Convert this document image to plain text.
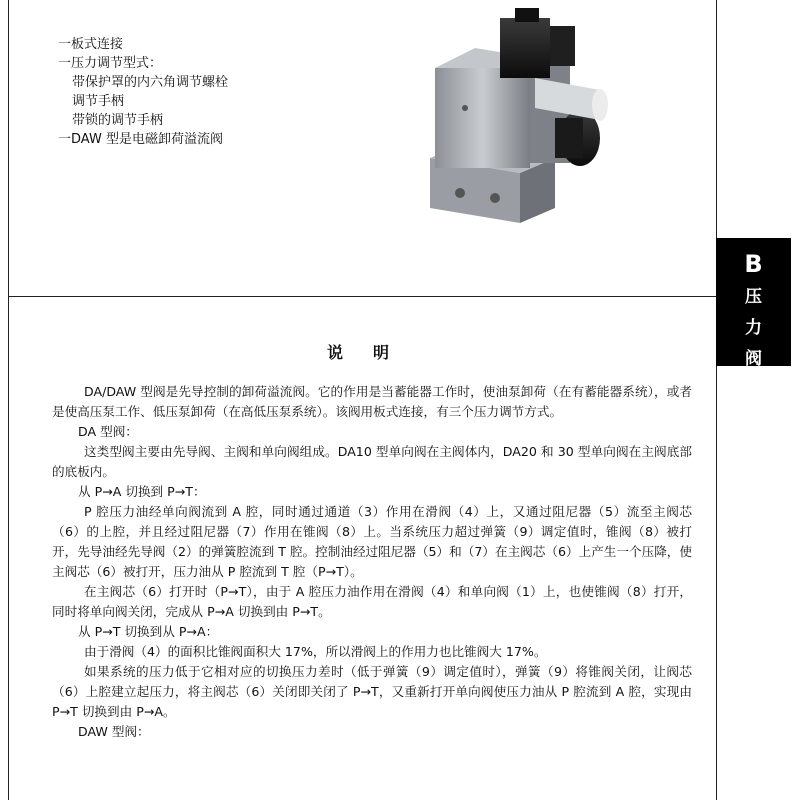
一板式连接
一压力调节型式：
带保护罩的内六角调节螺栓
调节手柄
带锁的调节手柄
一DAW 型是电磁卸荷溢流阀
B
压
力
阀
说明

DA/DAW 型阀是先导控制的卸荷溢流阀。它的作用是当蓄能器工作时，使油泵卸荷（在有蓄能器系统），或者是使高压泵工作、低压泵卸荷（在高低压泵系统）。该阀用板式连接，有三个压力调节方式。

DA 型阀：

这类型阀主要由先导阀、主阀和单向阀组成。DA10 型单向阀在主阀体内，DA20 和 30 型单向阀在主阀底部的底板内。

从 P→A 切换到 P→T：

P 腔压力油经单向阀流到 A 腔，同时通过通道（3）作用在滑阀（4）上，又通过阻尼器（5）流至主阀芯（6）的上腔，并且经过阻尼器（7）作用在锥阀（8）上。当系统压力超过弹簧（9）调定值时，锥阀（8）被打开，先导油经先导阀（2）的弹簧腔流到 T 腔。控制油经过阻尼器（5）和（7）在主阀芯（6）上产生一个压降，使主阀芯（6）被打开，压力油从 P 腔流到 T 腔（P→T）。

在主阀芯（6）打开时（P→T），由于 A 腔压力油作用在滑阀（4）和单向阀（1）上，也使锥阀（8）打开，同时将单向阀关闭，完成从 P→A 切换到由 P→T。

从 P→T 切换到从 P→A：

由于滑阀（4）的面积比锥阀面积大 17%，所以滑阀上的作用力也比锥阀大 17%。

如果系统的压力低于它相对应的切换压力差时（低于弹簧（9）调定值时），弹簧（9）将锥阀关闭，让阀芯（6）上腔建立起压力，将主阀芯（6）关闭即关闭了 P→T，又重新打开单向阀使压力油从 P 腔流到 A 腔，实现由 P→T 切换到由 P→A。

DAW 型阀：
